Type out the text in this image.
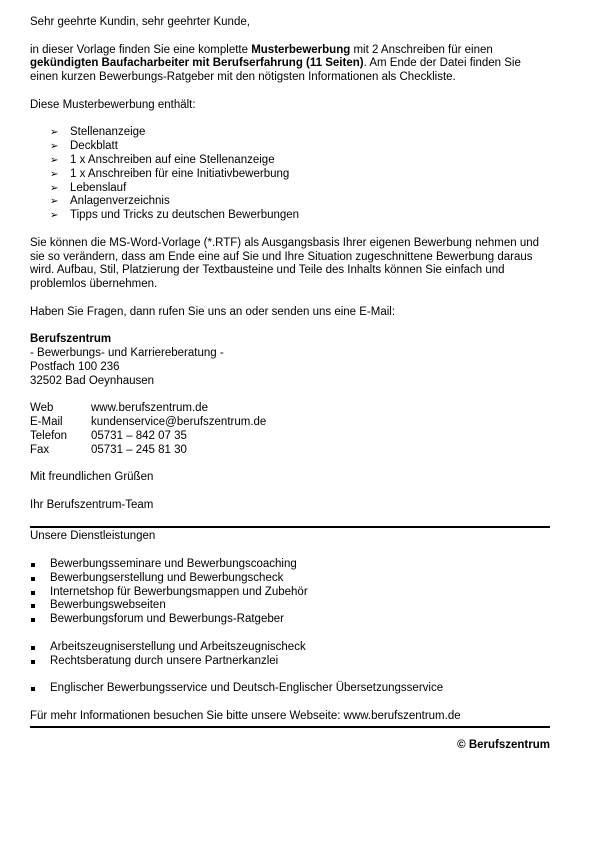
Sehr geehrte Kundin, sehr geehrter Kunde,

in dieser Vorlage finden Sie eine komplette Musterbewerbung mit 2 Anschreiben für einen gekündigten Baufacharbeiter mit Berufserfahrung (11 Seiten). Am Ende der Datei finden Sie einen kurzen Bewerbungs-Ratgeber mit den nötigsten Informationen als Checkliste.

Diese Musterbewerbung enthält:

➢ Stellenanzeige
➢ Deckblatt
➢ 1 x Anschreiben auf eine Stellenanzeige
➢ 1 x Anschreiben für eine Initiativbewerbung
➢ Lebenslauf
➢ Anlagenverzeichnis
➢ Tipps und Tricks zu deutschen Bewerbungen

Sie können die MS-Word-Vorlage (*.RTF) als Ausgangsbasis Ihrer eigenen Bewerbung nehmen und sie so verändern, dass am Ende eine auf Sie und Ihre Situation zugeschnittene Bewerbung daraus wird. Aufbau, Stil, Platzierung der Textbausteine und Teile des Inhalts können Sie einfach und problemlos übernehmen.

Haben Sie Fragen, dann rufen Sie uns an oder senden uns eine E-Mail:

Berufszentrum

- Bewerbungs- und Karriereberatung -

Postfach 100 236

32502 Bad Oeynhausen

Web	www.berufszentrum.de
E-Mail	kundenservice@berufszentrum.de
Telefon	05731 – 842 07 35
Fax	05731 – 245 81 30

Mit freundlichen Grüßen

Ihr Berufszentrum-Team

Unsere Dienstleistungen

Bewerbungsseminare und Bewerbungscoaching
Bewerbungserstellung und Bewerbungscheck
Internetshop für Bewerbungsmappen und Zubehör
Bewerbungswebseiten
Bewerbungsforum und Bewerbungs-Ratgeber
Arbeitszeugniserstellung und Arbeitszeugnischeck
Rechtsberatung durch unsere Partnerkanzlei
Englischer Bewerbungsservice und Deutsch-Englischer Übersetzungsservice

Für mehr Informationen besuchen Sie bitte unsere Webseite: www.berufszentrum.de

© Berufszentrum
